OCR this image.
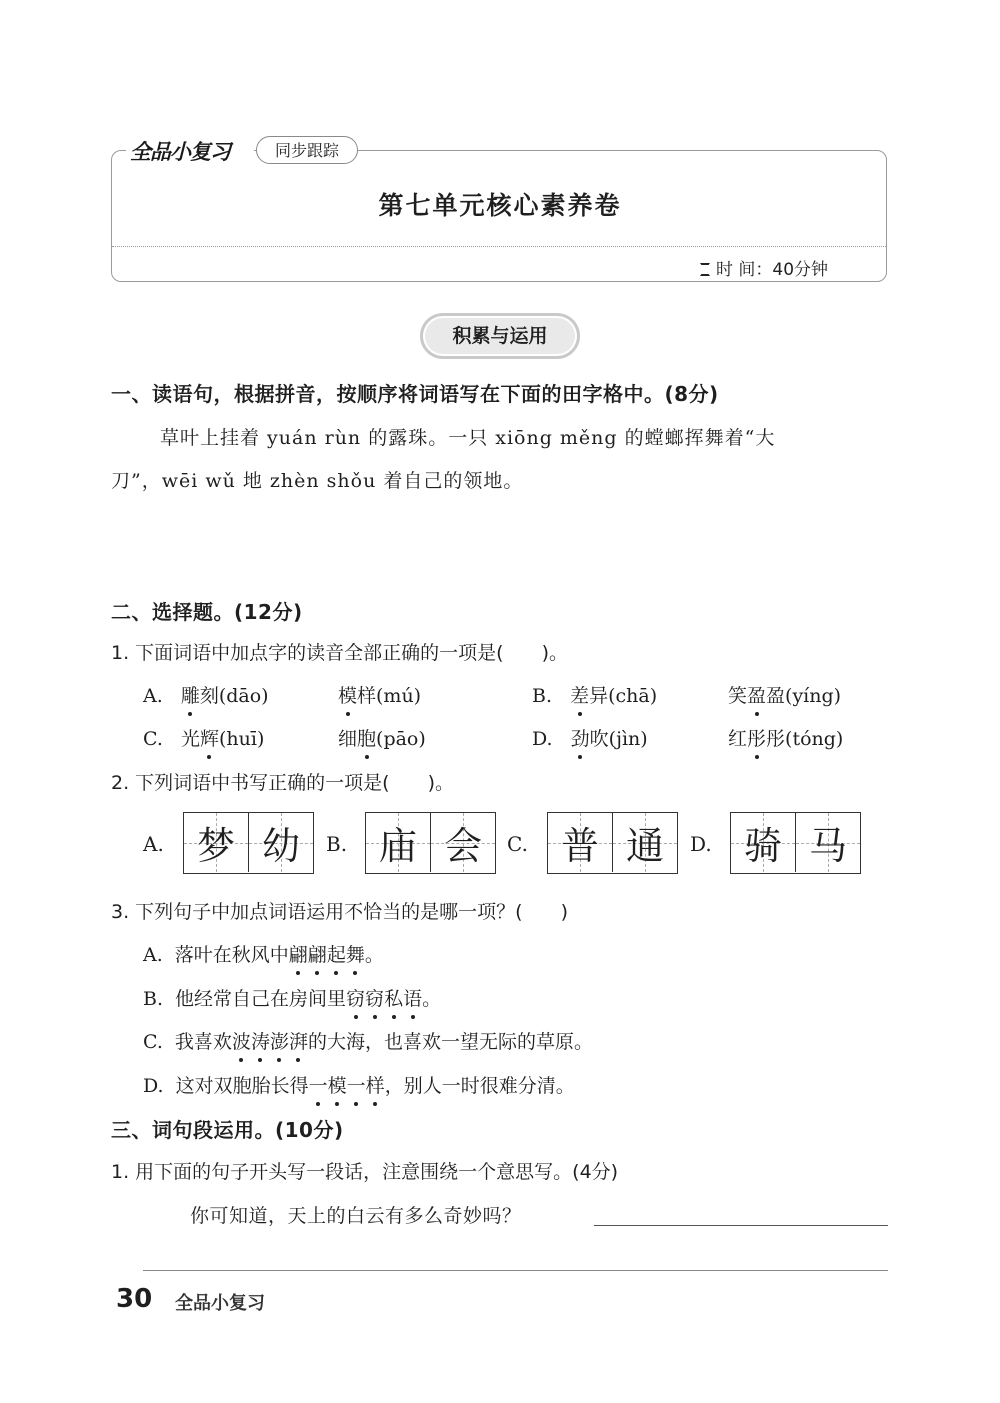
全品小复习	同步跟踪
第七单元核心素养卷
时 间：40分钟
积累与运用
一、读语句，根据拼音，按顺序将词语写在下面的田字格中。(8分)
草叶上挂着 yuán rùn 的露珠。一只 xiōng měng 的螳螂挥舞着“大
刀”，wēi wǔ 地 zhèn shǒu 着自己的领地。
二、选择题。(12分)
1. 下面词语中加点字的读音全部正确的一项是(　　)。
A. 雕刻(dāo)	模样(mú)	B. 差异(chā)	笑盈盈(yíng)
C. 光辉(huī)	细胞(pāo)	D. 劲吹(jìn)	红彤彤(tóng)
2. 下列词语中书写正确的一项是(　　)。
A. 梦 幼 B. 庙 会 C. 普 通 D. 骑 马
3. 下列句子中加点词语运用不恰当的是哪一项？(　　)
A. 落叶在秋风中翩翩起舞。
B. 他经常自己在房间里窃窃私语。
C. 我喜欢波涛澎湃的大海，也喜欢一望无际的草原。
D. 这对双胞胎长得一模一样，别人一时很难分清。
三、词句段运用。(10分)
1. 用下面的句子开头写一段话，注意围绕一个意思写。(4分)
你可知道，天上的白云有多么奇妙吗？
30 全品小复习
